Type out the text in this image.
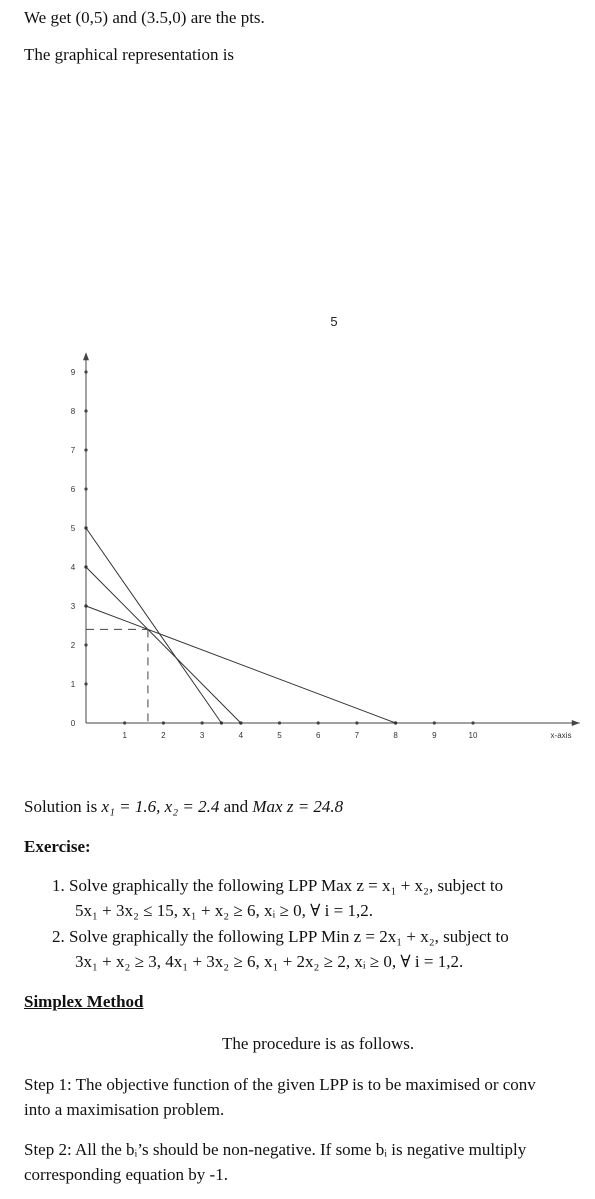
We get (0,5) and (3.5,0) are the pts.
The graphical representation is
5
1	2	3	4	5	6	7	8	9	10	x-axis
0
1
2
3
4
5
6
7
8
9
Solution is x₁ = 1.6, x₂ = 2.4 and Max z = 24.8
Exercise:
1. Solve graphically the following LPP Max z = x₁ + x₂, subject to
5x₁ + 3x₂ ≤ 15, x₁ + x₂ ≥ 6, xᵢ ≥ 0, ∀ i = 1,2.
2. Solve graphically the following LPP Min z = 2x₁ + x₂, subject to
3x₁ + x₂ ≥ 3, 4x₁ + 3x₂ ≥ 6, x₁ + 2x₂ ≥ 2, xᵢ ≥ 0, ∀ i = 1,2.
Simplex Method
The procedure is as follows.
Step 1: The objective function of the given LPP is to be maximised or conv
into a maximisation problem.
Step 2: All the bᵢ’s should be non-negative. If some bᵢ is negative multiply
corresponding equation by -1.
